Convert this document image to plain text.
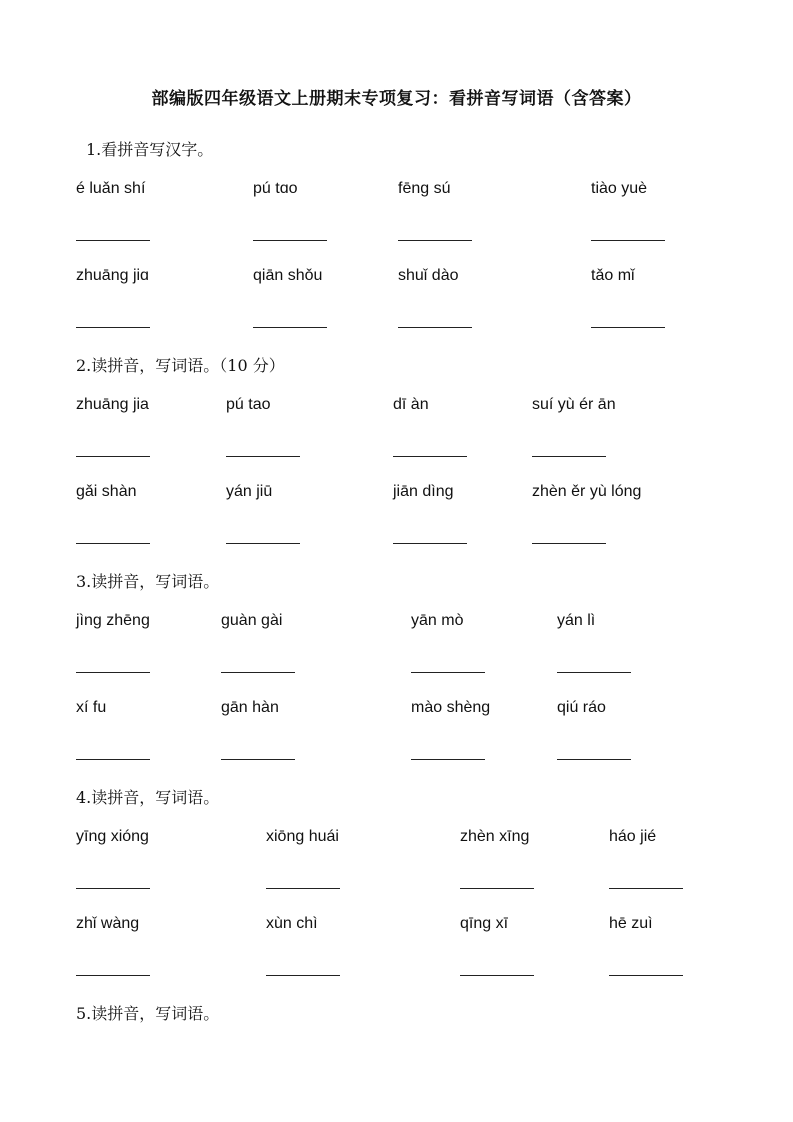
部编版四年级语文上册期末专项复习：看拼音写词语（含答案）
1.看拼音写汉字。
é luǎn shí	pú tɑo	fēng sú	tiào yuè
zhuāng jiɑ	qiān shǒu	shuǐ dào	tǎo mǐ
2.读拼音，写词语。（10 分）
zhuāng jia	pú tao	dī àn	suí yù ér ān
gǎi shàn	yán jiū	jiān dìng	zhèn ěr yù lóng
3.读拼音，写词语。
jìng zhēng	guàn gài	yān mò	yán lì
xí fu	gān hàn	mào shèng	qiú ráo
4.读拼音，写词语。
yīng xióng	xiōng huái	zhèn xīng	háo jié
zhǐ wàng	xùn chì	qīng xī	hē zuì
5.读拼音，写词语。
